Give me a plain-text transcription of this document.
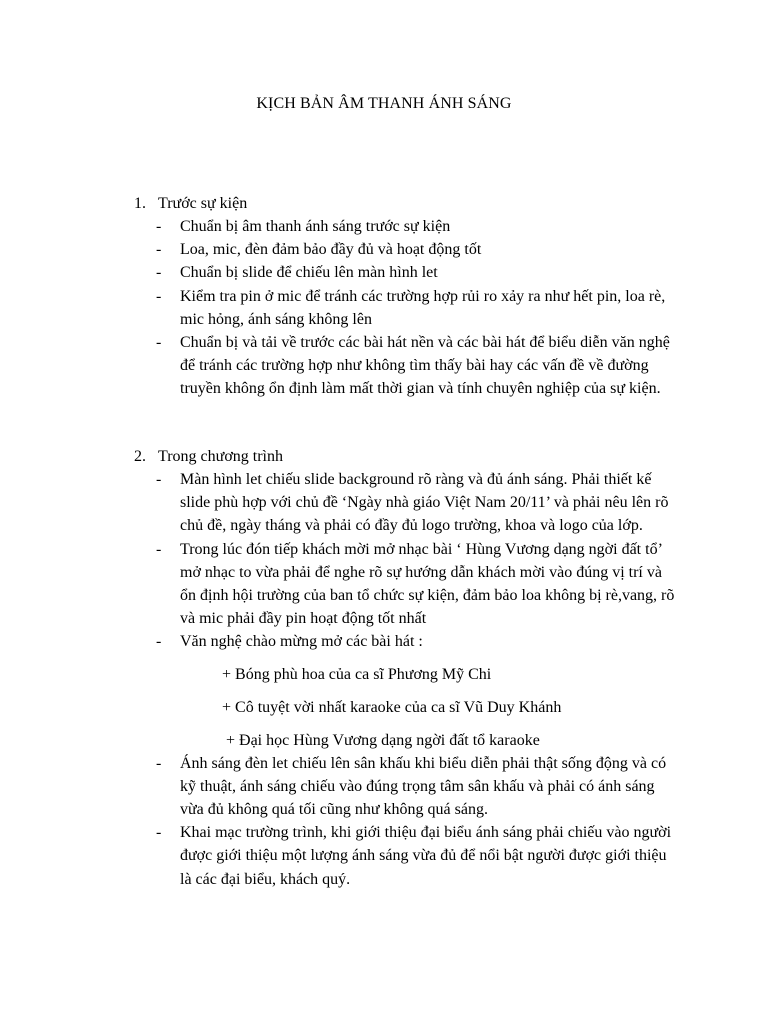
KỊCH BẢN ÂM THANH ÁNH SÁNG
1. Trước sự kiện
-	Chuẩn bị âm thanh ánh sáng trước sự kiện
-	Loa, mic, đèn đảm bảo đầy đủ và hoạt động tốt
-	Chuẩn bị slide để chiếu lên màn hình let
-	Kiểm tra pin ở mic để tránh các trường hợp rủi ro xảy ra như hết pin, loa rè, mic hỏng, ánh sáng không lên
-	Chuẩn bị và tải về trước các bài hát nền và các bài hát để biểu diễn văn nghệ để tránh các trường hợp như không tìm thấy bài hay các vấn đề về đường truyền không ổn định làm mất thời gian và tính chuyên nghiệp của sự kiện.
2. Trong chương trình
-	Màn hình let chiếu slide background rõ ràng và đủ ánh sáng. Phải thiết kế slide phù hợp với chủ đề ‘Ngày nhà giáo Việt Nam 20/11’ và phải nêu lên rõ chủ đề, ngày tháng và phải có đầy đủ logo trường, khoa và logo của lớp.
-	Trong lúc đón tiếp khách mời mở nhạc bài ‘ Hùng Vương dạng ngời đất tổ’ mở nhạc to vừa phải để nghe rõ sự hướng dẫn khách mời vào đúng vị trí và ổn định hội trường của ban tổ chức sự kiện, đảm bảo loa không bị rè,vang, rõ và mic phải đầy pin hoạt động tốt nhất
-	Văn nghệ chào mừng mở các bài hát :
+ Bóng phù hoa của ca sĩ Phương Mỹ Chi
+ Cô tuyệt vời nhất karaoke của ca sĩ Vũ Duy Khánh
+ Đại học Hùng Vương dạng ngời đất tổ karaoke
-	Ánh sáng đèn let chiếu lên sân khấu khi biểu diễn phải thật sống động và có kỹ thuật, ánh sáng chiếu vào đúng trọng tâm sân khấu và phải có ánh sáng vừa đủ không quá tối cũng như không quá sáng.
-	Khai mạc trường trình, khi giới thiệu đại biểu ánh sáng phải chiếu vào người được giới thiệu một lượng ánh sáng vừa đủ để nổi bật người được giới thiệu là các đại biểu, khách quý.
